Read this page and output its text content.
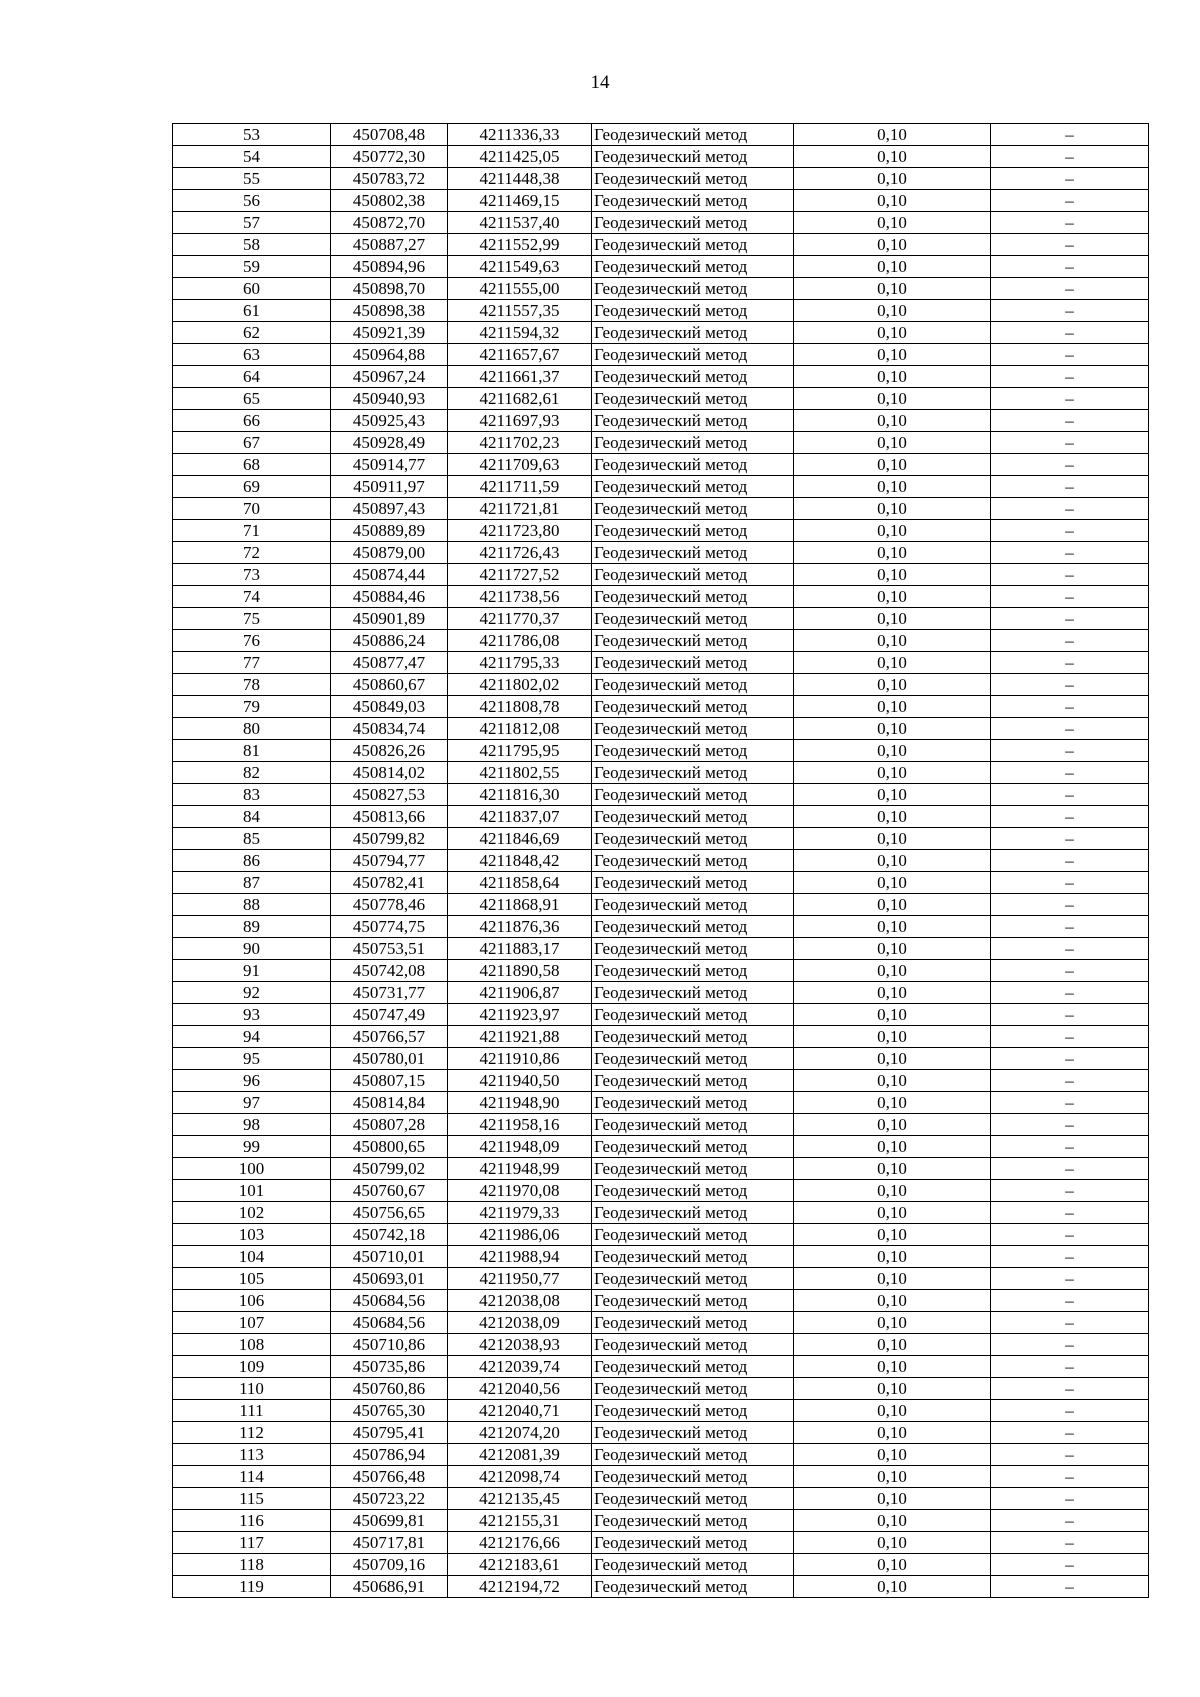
14
53	450708,48	4211336,33	Геодезический метод	0,10	–
54	450772,30	4211425,05	Геодезический метод	0,10	–
55	450783,72	4211448,38	Геодезический метод	0,10	–
56	450802,38	4211469,15	Геодезический метод	0,10	–
57	450872,70	4211537,40	Геодезический метод	0,10	–
58	450887,27	4211552,99	Геодезический метод	0,10	–
59	450894,96	4211549,63	Геодезический метод	0,10	–
60	450898,70	4211555,00	Геодезический метод	0,10	–
61	450898,38	4211557,35	Геодезический метод	0,10	–
62	450921,39	4211594,32	Геодезический метод	0,10	–
63	450964,88	4211657,67	Геодезический метод	0,10	–
64	450967,24	4211661,37	Геодезический метод	0,10	–
65	450940,93	4211682,61	Геодезический метод	0,10	–
66	450925,43	4211697,93	Геодезический метод	0,10	–
67	450928,49	4211702,23	Геодезический метод	0,10	–
68	450914,77	4211709,63	Геодезический метод	0,10	–
69	450911,97	4211711,59	Геодезический метод	0,10	–
70	450897,43	4211721,81	Геодезический метод	0,10	–
71	450889,89	4211723,80	Геодезический метод	0,10	–
72	450879,00	4211726,43	Геодезический метод	0,10	–
73	450874,44	4211727,52	Геодезический метод	0,10	–
74	450884,46	4211738,56	Геодезический метод	0,10	–
75	450901,89	4211770,37	Геодезический метод	0,10	–
76	450886,24	4211786,08	Геодезический метод	0,10	–
77	450877,47	4211795,33	Геодезический метод	0,10	–
78	450860,67	4211802,02	Геодезический метод	0,10	–
79	450849,03	4211808,78	Геодезический метод	0,10	–
80	450834,74	4211812,08	Геодезический метод	0,10	–
81	450826,26	4211795,95	Геодезический метод	0,10	–
82	450814,02	4211802,55	Геодезический метод	0,10	–
83	450827,53	4211816,30	Геодезический метод	0,10	–
84	450813,66	4211837,07	Геодезический метод	0,10	–
85	450799,82	4211846,69	Геодезический метод	0,10	–
86	450794,77	4211848,42	Геодезический метод	0,10	–
87	450782,41	4211858,64	Геодезический метод	0,10	–
88	450778,46	4211868,91	Геодезический метод	0,10	–
89	450774,75	4211876,36	Геодезический метод	0,10	–
90	450753,51	4211883,17	Геодезический метод	0,10	–
91	450742,08	4211890,58	Геодезический метод	0,10	–
92	450731,77	4211906,87	Геодезический метод	0,10	–
93	450747,49	4211923,97	Геодезический метод	0,10	–
94	450766,57	4211921,88	Геодезический метод	0,10	–
95	450780,01	4211910,86	Геодезический метод	0,10	–
96	450807,15	4211940,50	Геодезический метод	0,10	–
97	450814,84	4211948,90	Геодезический метод	0,10	–
98	450807,28	4211958,16	Геодезический метод	0,10	–
99	450800,65	4211948,09	Геодезический метод	0,10	–
100	450799,02	4211948,99	Геодезический метод	0,10	–
101	450760,67	4211970,08	Геодезический метод	0,10	–
102	450756,65	4211979,33	Геодезический метод	0,10	–
103	450742,18	4211986,06	Геодезический метод	0,10	–
104	450710,01	4211988,94	Геодезический метод	0,10	–
105	450693,01	4211950,77	Геодезический метод	0,10	–
106	450684,56	4212038,08	Геодезический метод	0,10	–
107	450684,56	4212038,09	Геодезический метод	0,10	–
108	450710,86	4212038,93	Геодезический метод	0,10	–
109	450735,86	4212039,74	Геодезический метод	0,10	–
110	450760,86	4212040,56	Геодезический метод	0,10	–
111	450765,30	4212040,71	Геодезический метод	0,10	–
112	450795,41	4212074,20	Геодезический метод	0,10	–
113	450786,94	4212081,39	Геодезический метод	0,10	–
114	450766,48	4212098,74	Геодезический метод	0,10	–
115	450723,22	4212135,45	Геодезический метод	0,10	–
116	450699,81	4212155,31	Геодезический метод	0,10	–
117	450717,81	4212176,66	Геодезический метод	0,10	–
118	450709,16	4212183,61	Геодезический метод	0,10	–
119	450686,91	4212194,72	Геодезический метод	0,10	–
